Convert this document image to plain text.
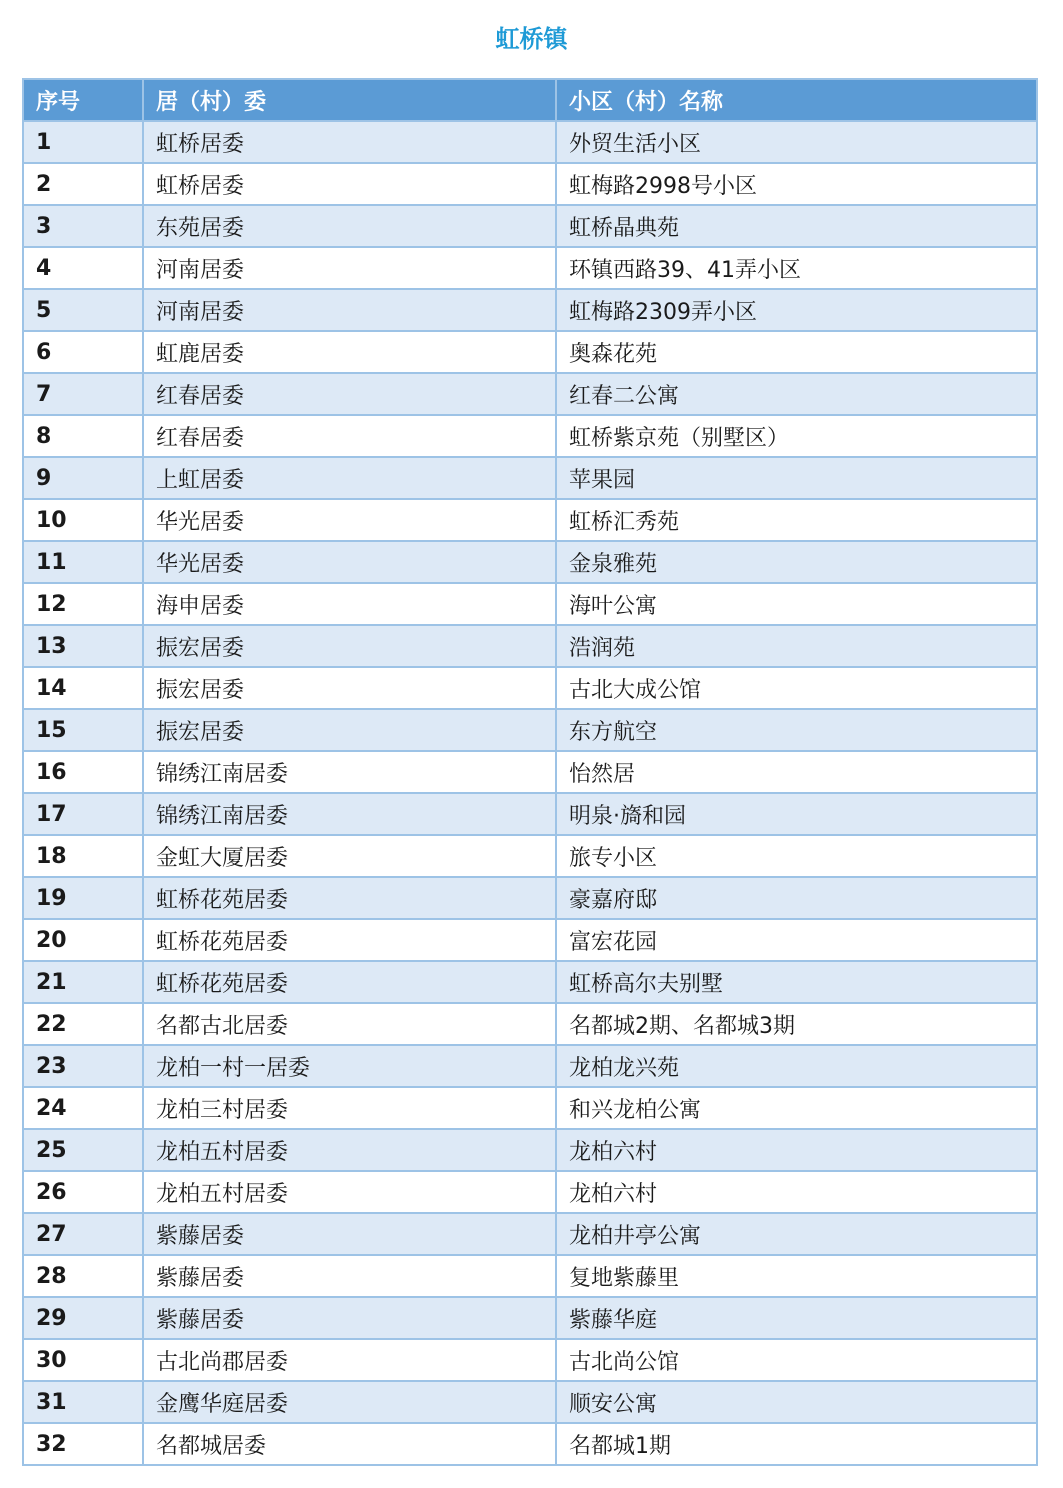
虹桥镇
序号	居（村）委	小区（村）名称
1	虹桥居委	外贸生活小区
2	虹桥居委	虹梅路2998号小区
3	东苑居委	虹桥晶典苑
4	河南居委	环镇西路39、41弄小区
5	河南居委	虹梅路2309弄小区
6	虹鹿居委	奥森花苑
7	红春居委	红春二公寓
8	红春居委	虹桥紫京苑（别墅区）
9	上虹居委	苹果园
10	华光居委	虹桥汇秀苑
11	华光居委	金泉雅苑
12	海申居委	海叶公寓
13	振宏居委	浩润苑
14	振宏居委	古北大成公馆
15	振宏居委	东方航空
16	锦绣江南居委	怡然居
17	锦绣江南居委	明泉·旖和园
18	金虹大厦居委	旅专小区
19	虹桥花苑居委	豪嘉府邸
20	虹桥花苑居委	富宏花园
21	虹桥花苑居委	虹桥高尔夫别墅
22	名都古北居委	名都城2期、名都城3期
23	龙柏一村一居委	龙柏龙兴苑
24	龙柏三村居委	和兴龙柏公寓
25	龙柏五村居委	龙柏六村
26	龙柏五村居委	龙柏六村
27	紫藤居委	龙柏井亭公寓
28	紫藤居委	复地紫藤里
29	紫藤居委	紫藤华庭
30	古北尚郡居委	古北尚公馆
31	金鹰华庭居委	顺安公寓
32	名都城居委	名都城1期
